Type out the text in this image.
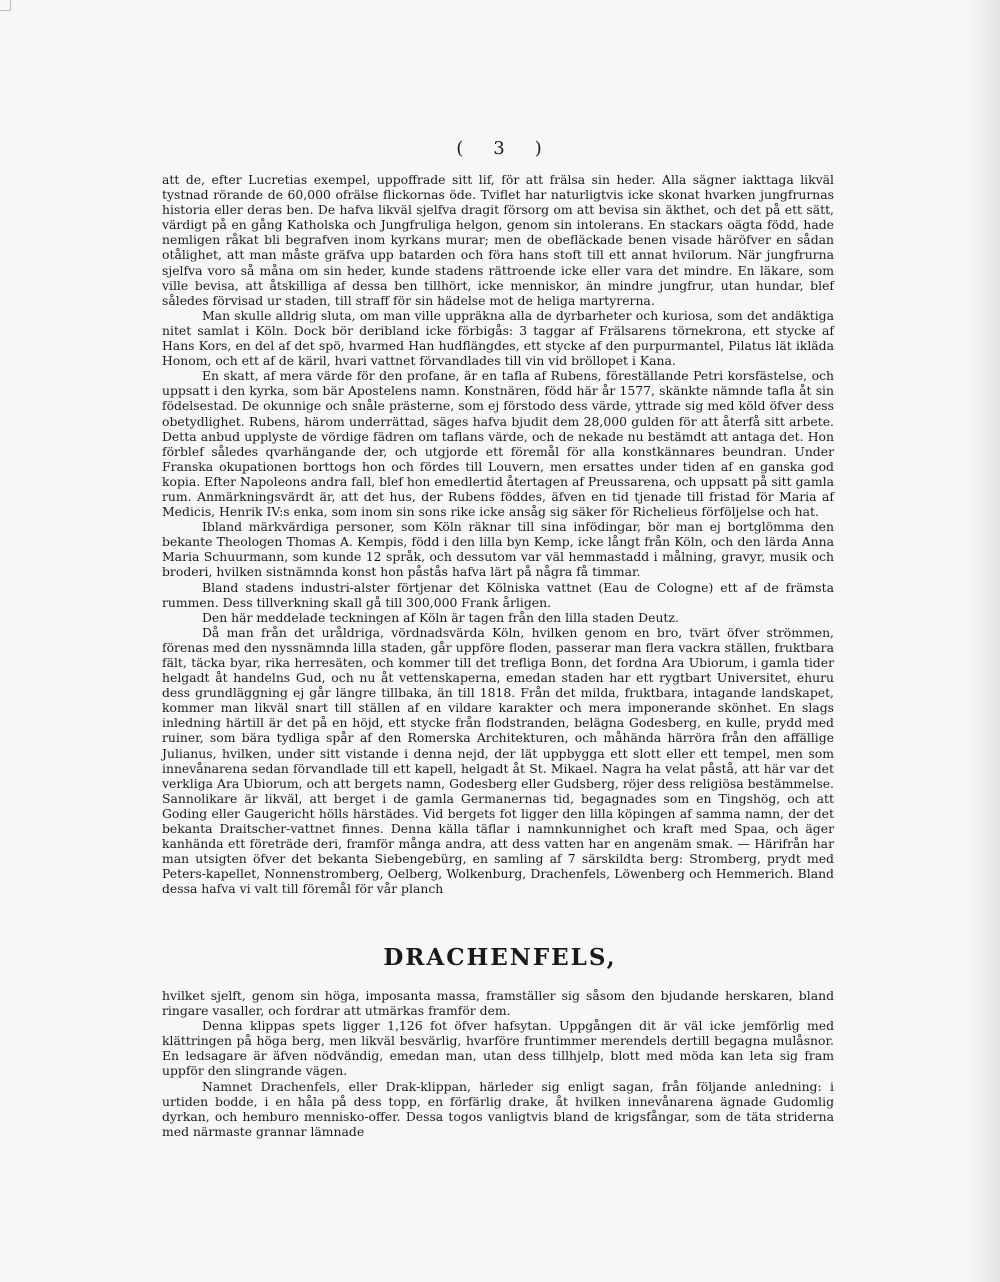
( 3 )

att de, efter Lucretias exempel, uppoffrade sitt lif, för att frälsa sin heder. Alla sägner iakttaga likväl tystnad rörande de 60,000 ofrälse flickornas öde. Tviflet har naturligtvis icke skonat hvarken jungfrurnas historia eller deras ben. De hafva likväl sjelfva dragit försorg om att bevisa sin äkthet, och det på ett sätt, värdigt på en gång Katholska och Jungfruliga helgon, genom sin intolerans. En stackars oägta född, hade nemligen råkat bli begrafven inom kyrkans murar; men de obefläckade benen visade häröfver en sådan otålighet, att man måste gräfva upp batarden och föra hans stoft till ett annat hvilorum. När jungfrurna sjelfva voro så måna om sin heder, kunde stadens rättroende icke eller vara det mindre. En läkare, som ville bevisa, att åtskilliga af dessa ben tillhört, icke menniskor, än mindre jungfrur, utan hundar, blef således förvisad ur staden, till straff för sin hädelse mot de heliga martyrerna.

Man skulle alldrig sluta, om man ville uppräkna alla de dyrbarheter och kuriosa, som det andäktiga nitet samlat i Köln. Dock bör deribland icke förbigås: 3 taggar af Frälsarens törnekrona, ett stycke af Hans Kors, en del af det spö, hvarmed Han hudflängdes, ett stycke af den purpurmantel, Pilatus lät ikläda Honom, och ett af de käril, hvari vattnet förvandlades till vin vid bröllopet i Kana.

En skatt, af mera värde för den profane, är en tafla af Rubens, föreställande Petri korsfästelse, och uppsatt i den kyrka, som bär Apostelens namn. Konstnären, född här år 1577, skänkte nämnde tafla åt sin födelsestad. De okunnige och snåle prästerne, som ej förstodo dess värde, yttrade sig med köld öfver dess obetydlighet. Rubens, härom underrättad, säges hafva bjudit dem 28,000 gulden för att återfå sitt arbete. Detta anbud upplyste de vördige fädren om taflans värde, och de nekade nu bestämdt att antaga det. Hon förblef således qvarhängande der, och utgjorde ett föremål för alla konstkännares beundran. Under Franska okupationen borttogs hon och fördes till Louvern, men ersattes under tiden af en ganska god kopia. Efter Napoleons andra fall, blef hon emedlertid återtagen af Preussarena, och uppsatt på sitt gamla rum. Anmärkningsvärdt är, att det hus, der Rubens föddes, äfven en tid tjenade till fristad för Maria af Medicis, Henrik IV:s enka, som inom sin sons rike icke ansåg sig säker för Richelieus förföljelse och hat.

Ibland märkvärdiga personer, som Köln räknar till sina infödingar, bör man ej bortglömma den bekante Theologen Thomas A. Kempis, född i den lilla byn Kemp, icke långt från Köln, och den lärda Anna Maria Schuurmann, som kunde 12 språk, och dessutom var väl hemmastadd i målning, gravyr, musik och broderi, hvilken sistnämnda konst hon påstås hafva lärt på några få timmar.

Bland stadens industri-alster förtjenar det Kölniska vattnet (Eau de Cologne) ett af de främsta rummen. Dess tillverkning skall gå till 300,000 Frank årligen.

Den här meddelade teckningen af Köln är tagen från den lilla staden Deutz.

Då man från det uråldriga, vördnadsvärda Köln, hvilken genom en bro, tvärt öfver strömmen, förenas med den nyssnämnda lilla staden, går uppföre floden, passerar man flera vackra ställen, fruktbara fält, täcka byar, rika herresäten, och kommer till det trefliga Bonn, det fordna Ara Ubiorum, i gamla tider helgadt åt handelns Gud, och nu åt vettenskaperna, emedan staden har ett rygtbart Universitet, ehuru dess grundläggning ej går längre tillbaka, än till 1818. Från det milda, fruktbara, intagande landskapet, kommer man likväl snart till ställen af en vildare karakter och mera imponerande skönhet. En slags inledning härtill är det på en höjd, ett stycke från flodstranden, belägna Godesberg, en kulle, prydd med ruiner, som bära tydliga spår af den Romerska Architekturen, och måhända härröra från den affällige Julianus, hvilken, under sitt vistande i denna nejd, der lät uppbygga ett slott eller ett tempel, men som innevånarena sedan förvandlade till ett kapell, helgadt åt St. Mikael. Nagra ha velat påstå, att här var det verkliga Ara Ubiorum, och att bergets namn, Godesberg eller Gudsberg, röjer dess religiösa bestämmelse. Sannolikare är likväl, att berget i de gamla Germanernas tid, begagnades som en Tingshög, och att Goding eller Gaugericht hölls härstädes. Vid bergets fot ligger den lilla köpingen af samma namn, der det bekanta Draitscher-vattnet finnes. Denna källa täflar i namnkunnighet och kraft med Spaa, och äger kanhända ett företräde deri, framför många andra, att dess vatten har en angenäm smak. — Härifrån har man utsigten öfver det bekanta Siebengebürg, en samling af 7 särskildta berg: Stromberg, prydt med Peters-kapellet, Nonnenstromberg, Oelberg, Wolkenburg, Drachenfels, Löwenberg och Hemmerich. Bland dessa hafva vi valt till föremål för vår planch

DRACHENFELS,

hvilket sjelft, genom sin höga, imposanta massa, framställer sig såsom den bjudande herskaren, bland ringare vasaller, och fordrar att utmärkas framför dem.

Denna klippas spets ligger 1,126 fot öfver hafsytan. Uppgången dit är väl icke jemförlig med klättringen på höga berg, men likväl besvärlig, hvarföre fruntimmer merendels dertill begagna mulåsnor. En ledsagare är äfven nödvändig, emedan man, utan dess tillhjelp, blott med möda kan leta sig fram uppför den slingrande vägen.

Namnet Drachenfels, eller Drak-klippan, härleder sig enligt sagan, från följande anledning: i urtiden bodde, i en håla på dess topp, en förfärlig drake, åt hvilken innevånarena ägnade Gudomlig dyrkan, och hemburo mennisko-offer. Dessa togos vanligtvis bland de krigsfångar, som de täta striderna med närmaste grannar lämnade
